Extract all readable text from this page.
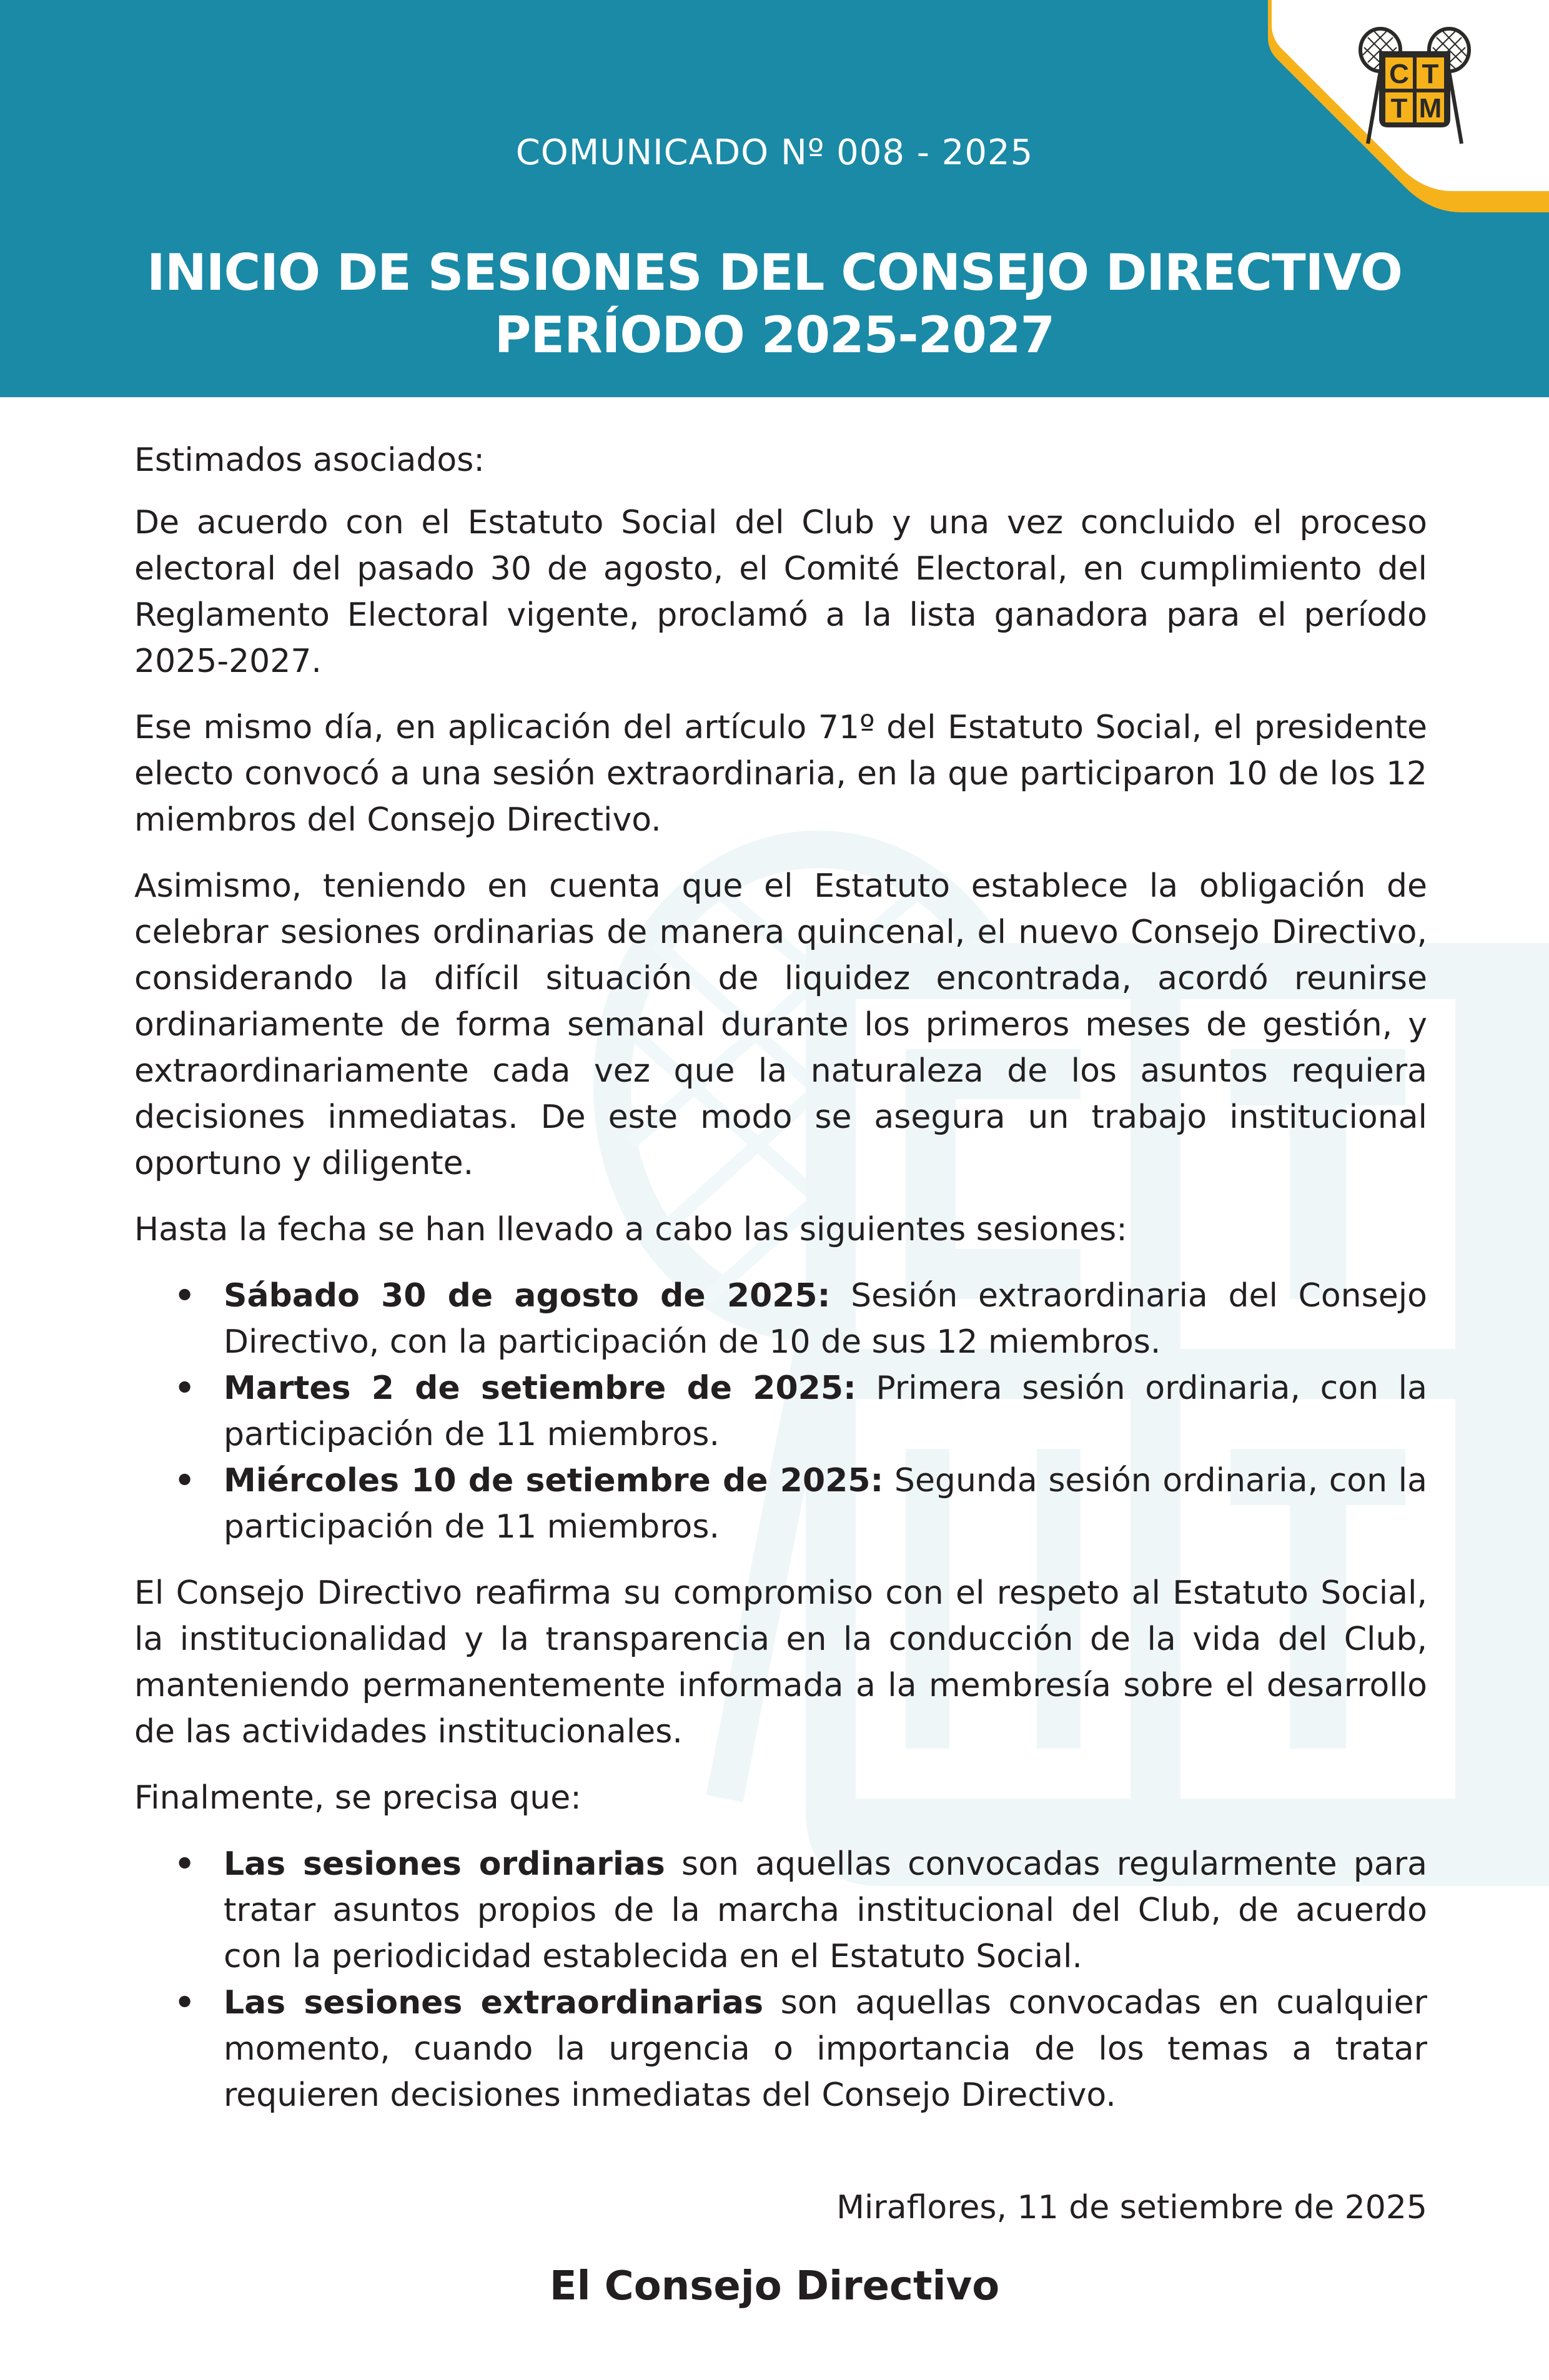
COMUNICADO Nº 008 - 2025
INICIO DE SESIONES DEL CONSEJO DIRECTIVO
PERÍODO 2025-2027
C T
T M

Estimados asociados:

De acuerdo con el Estatuto Social del Club y una vez concluido el proceso electoral del pasado 30 de agosto, el Comité Electoral, en cumplimiento del Reglamento Electoral vigente, proclamó a la lista ganadora para el período 2025-2027.

Ese mismo día, en aplicación del artículo 71º del Estatuto Social, el presidente electo convocó a una sesión extraordinaria, en la que participaron 10 de los 12 miembros del Consejo Directivo.

Asimismo, teniendo en cuenta que el Estatuto establece la obligación de celebrar sesiones ordinarias de manera quincenal, el nuevo Consejo Directivo, considerando la difícil situación de liquidez encontrada, acordó reunirse ordinariamente de forma semanal durante los primeros meses de gestión, y extraordinariamente cada vez que la naturaleza de los asuntos requiera decisiones inmediatas. De este modo se asegura un trabajo institucional oportuno y diligente.

Hasta la fecha se han llevado a cabo las siguientes sesiones:

• Sábado 30 de agosto de 2025: Sesión extraordinaria del Consejo Directivo, con la participación de 10 de sus 12 miembros.
• Martes 2 de setiembre de 2025: Primera sesión ordinaria, con la participación de 11 miembros.
• Miércoles 10 de setiembre de 2025: Segunda sesión ordinaria, con la participación de 11 miembros.

El Consejo Directivo reafirma su compromiso con el respeto al Estatuto Social, la institucionalidad y la transparencia en la conducción de la vida del Club, manteniendo permanentemente informada a la membresía sobre el desarrollo de las actividades institucionales.

Finalmente, se precisa que:

• Las sesiones ordinarias son aquellas convocadas regularmente para tratar asuntos propios de la marcha institucional del Club, de acuerdo con la periodicidad establecida en el Estatuto Social.
• Las sesiones extraordinarias son aquellas convocadas en cualquier momento, cuando la urgencia o importancia de los temas a tratar requieren decisiones inmediatas del Consejo Directivo.
Miraflores, 11 de setiembre de 2025
El Consejo Directivo
